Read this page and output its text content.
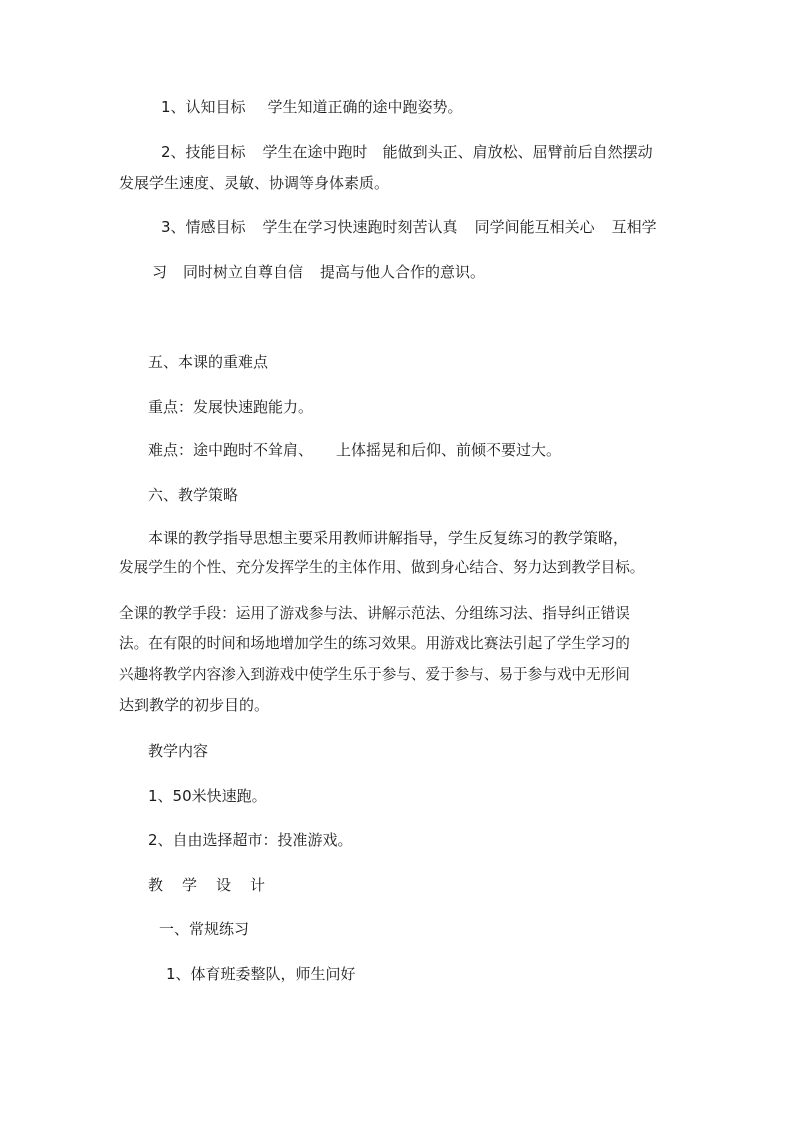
1、认知目标 学生知道正确的途中跑姿势。
2、技能目标 学生在途中跑时 能做到头正、肩放松、屈臂前后自然摆动
发展学生速度、灵敏、协调等身体素质。
3、情感目标 学生在学习快速跑时刻苦认真 同学间能互相关心 互相学
习 同时树立自尊自信 提高与他人合作的意识。
五、本课的重难点
重点：发展快速跑能力。
难点：途中跑时不耸肩、 上体摇晃和后仰、前倾不要过大。
六、教学策略
本课的教学指导思想主要采用教师讲解指导，学生反复练习的教学策略，
发展学生的个性、充分发挥学生的主体作用、做到身心结合、努力达到教学目标。
全课的教学手段：运用了游戏参与法、讲解示范法、分组练习法、指导纠正错误
法。在有限的时间和场地增加学生的练习效果。用游戏比赛法引起了学生学习的
兴趣将教学内容渗入到游戏中使学生乐于参与、爱于参与、易于参与戏中无形间
达到教学的初步目的。
教学内容
1、50米快速跑。
2、自由选择超市：投准游戏。
教 学 设 计
一、常规练习
1、体育班委整队，师生问好
